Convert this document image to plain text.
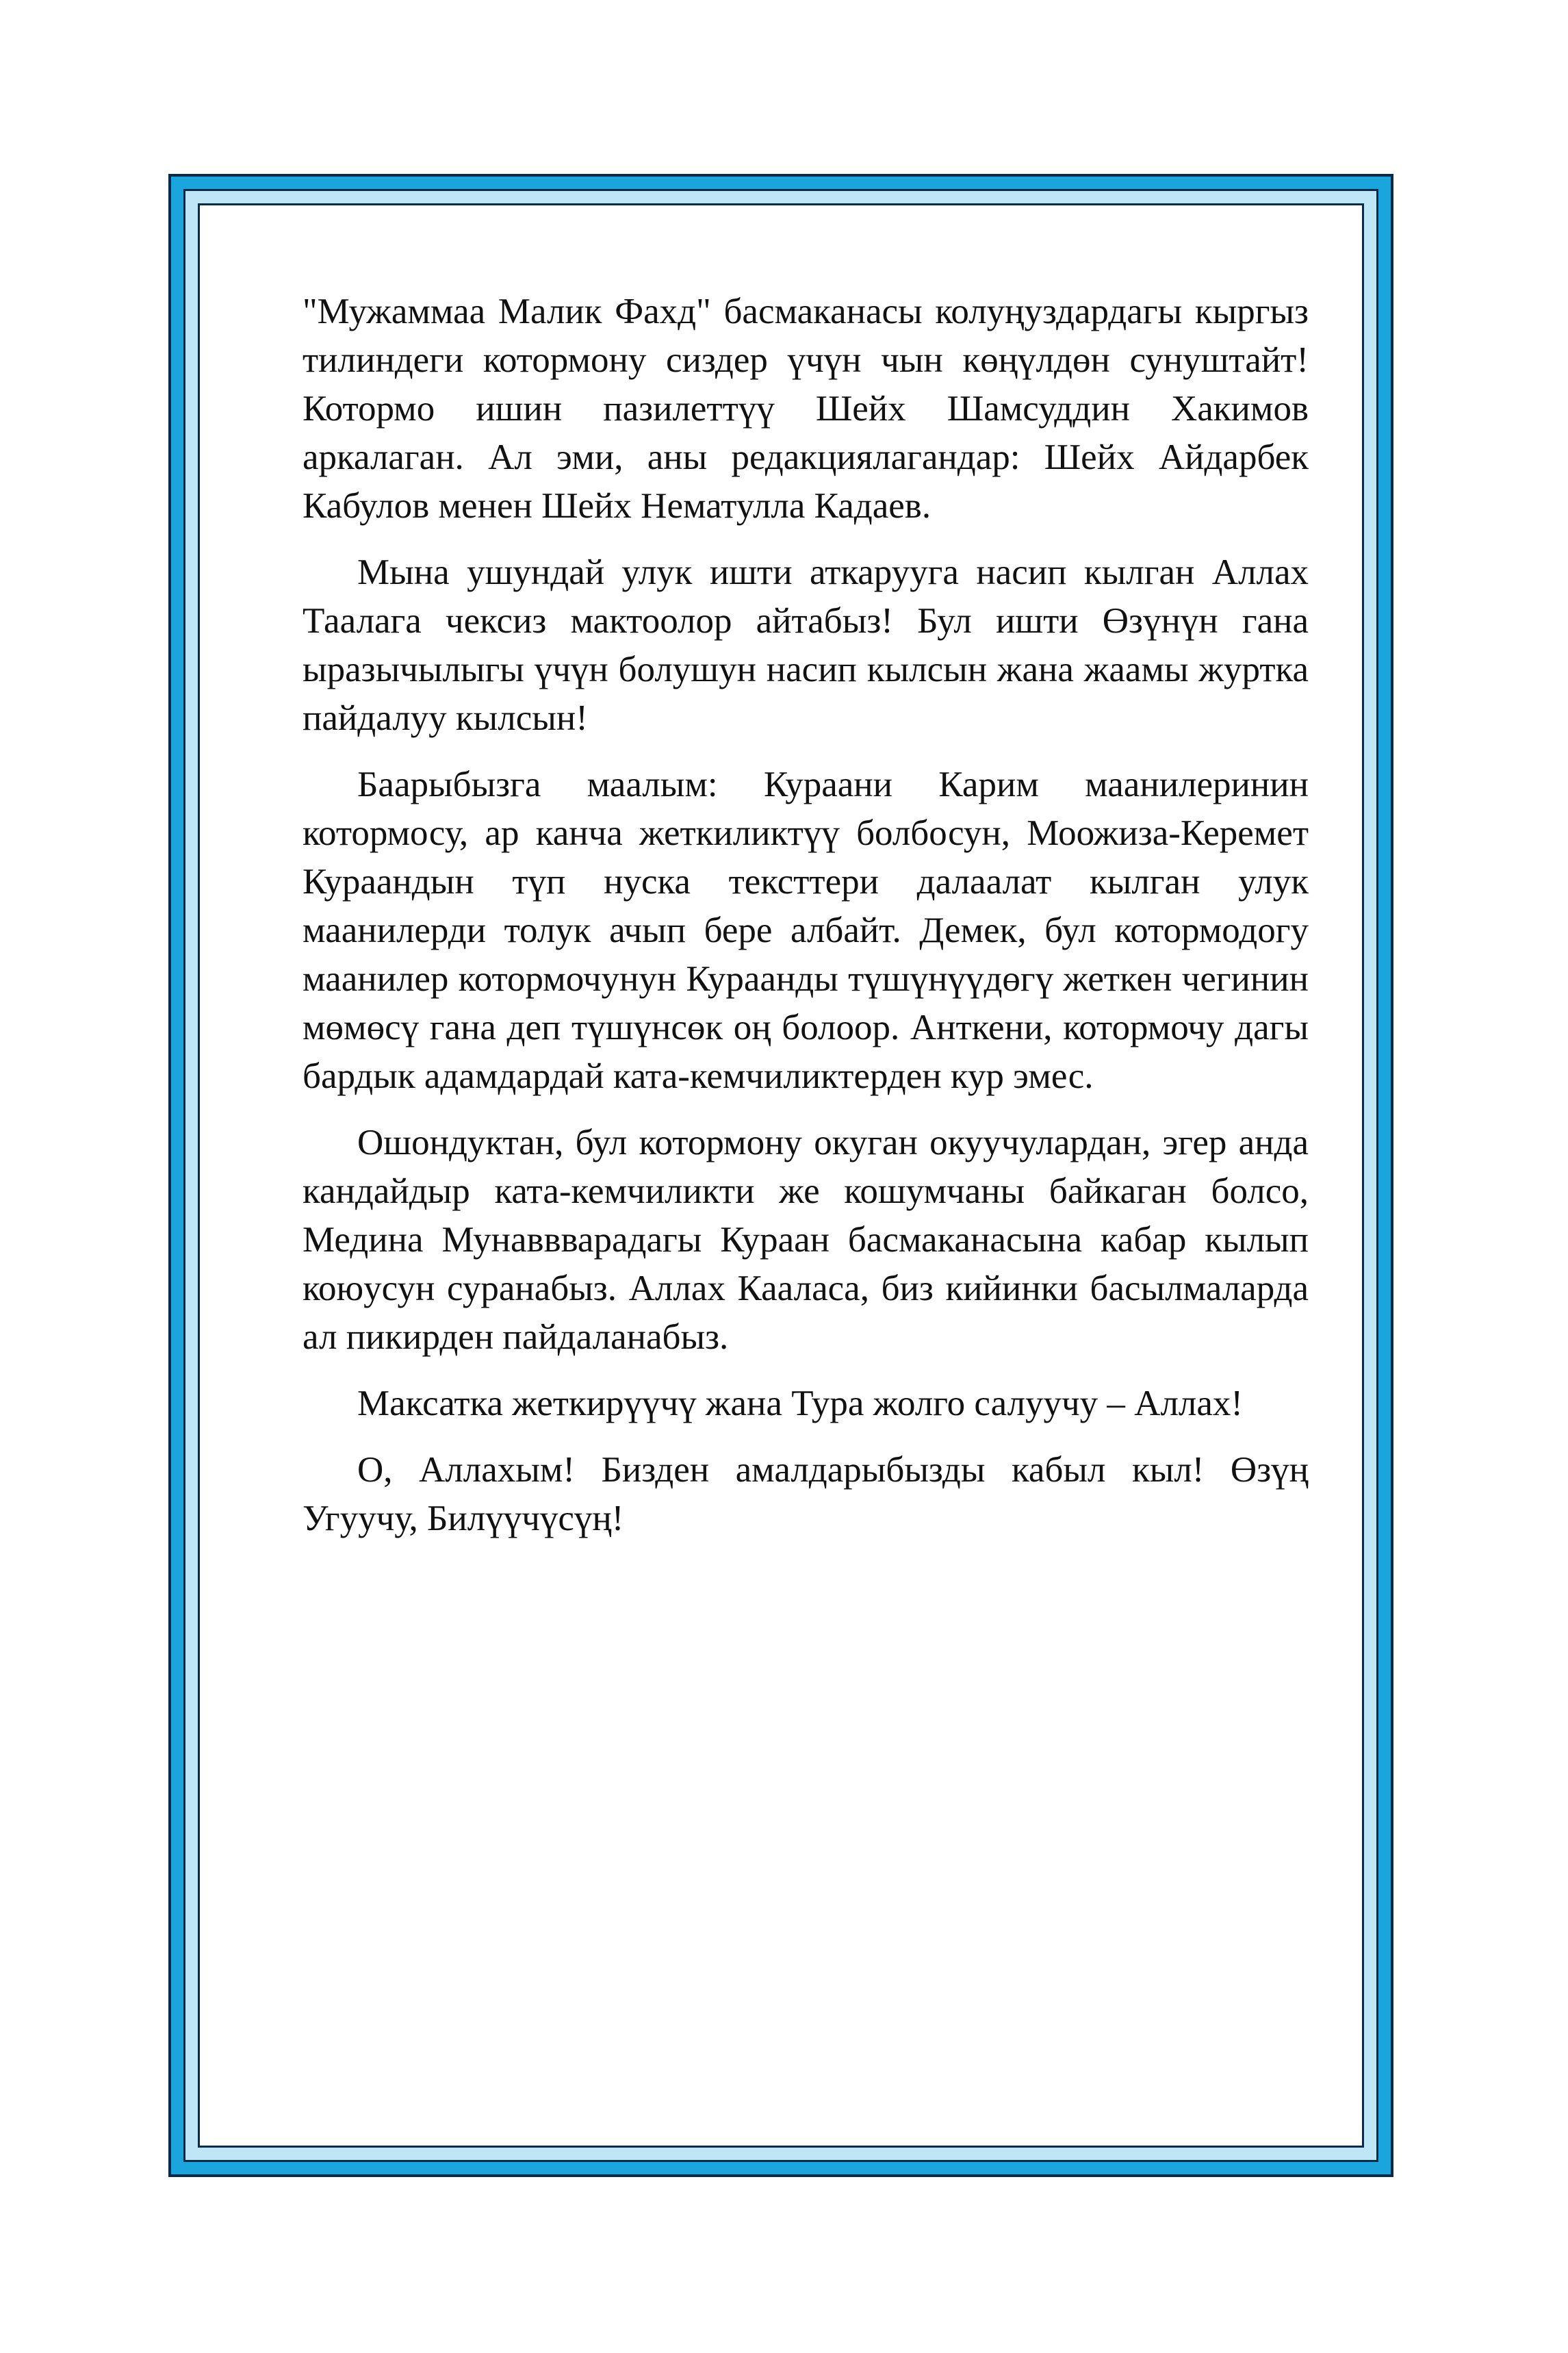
"Мужаммаа Малик Фахд" басмаканасы колуңуздардагы кыргыз тилиндеги котормону сиздер үчүн чын көңүлдөн сунуштайт! Котормо ишин пазилеттүү Шейх Шамсуддин Хакимов аркалаган. Ал эми, аны редакциялагандар: Шейх Айдарбек Кабулов менен Шейх Нематулла Кадаев.

Мына ушундай улук ишти аткарууга насип кылган Аллах Таалага чексиз мактоолор айтабыз! Бул ишти Өзүнүн гана ыразычылыгы үчүн болушун насип кылсын жана жаамы журтка пайдалуу кылсын!

Баарыбызга маалым: Кураани Карим маанилеринин котормосу, ар канча жеткиликтүү болбосун, Моожиза-Керемет Кураандын түп нуска тексттери далаалат кылган улук маанилерди толук ачып бере албайт. Демек, бул котормодогу маанилер котормочунун Кураанды түшүнүүдөгү жеткен чегинин мөмөсү гана деп түшүнсөк оң болоор. Анткени, котормочу дагы бардык адамдардай ката-кемчиликтерден кур эмес.

Ошондуктан, бул котормону окуган окуучулардан, эгер анда кандайдыр ката-кемчиликти же кошумчаны байкаган болсо, Медина Мунаввварадагы Кураан басмаканасына кабар кылып коюусун суранабыз. Аллах Каалаcа, биз кийинки басылмаларда ал пикирден пайдаланабыз.

Максатка жеткирүүчү жана Тура жолго салуучу – Аллах!

О, Аллахым! Бизден амалдарыбызды кабыл кыл! Өзүң Угуучу, Билүүчүсүң!
